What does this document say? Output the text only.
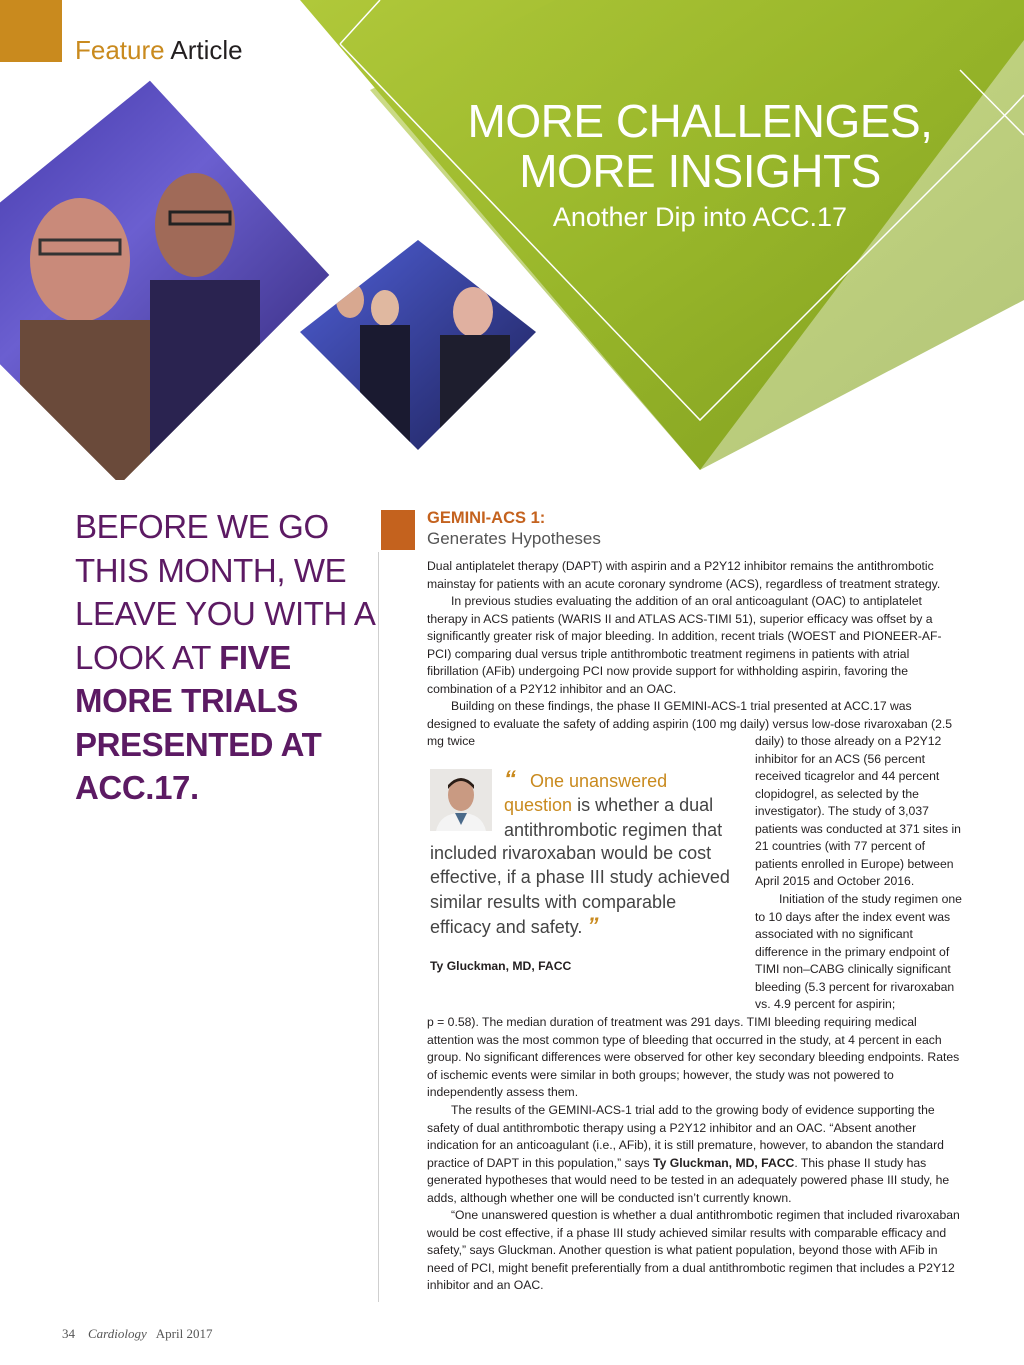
Feature Article
MORE CHALLENGES,
MORE INSIGHTS
Another Dip into ACC.17
BEFORE WE GO THIS MONTH, WE LEAVE YOU WITH A LOOK AT FIVE MORE TRIALS PRESENTED AT ACC.17.
GEMINI-ACS 1:
Generates Hypotheses
Dual antiplatelet therapy (DAPT) with aspirin and a P2Y12 inhibitor remains the antithrombotic mainstay for patients with an acute coronary syndrome (ACS), regardless of treatment strategy.
In previous studies evaluating the addition of an oral anticoagulant (OAC) to antiplatelet therapy in ACS patients (WARIS II and ATLAS ACS-TIMI 51), superior efficacy was offset by a significantly greater risk of major bleeding. In addition, recent trials (WOEST and PIONEER-AF-PCI) comparing dual versus triple antithrombotic treatment regimens in patients with atrial fibrillation (AFib) undergoing PCI now provide support for withholding aspirin, favoring the combination of a P2Y12 inhibitor and an OAC.
Building on these findings, the phase II GEMINI-ACS-1 trial presented at ACC.17 was designed to evaluate the safety of adding aspirin (100 mg daily) versus low-dose rivaroxaban (2.5 mg twice	daily) to those already on a P2Y12 inhibitor for an ACS (56 percent received ticagrelor and 44 percent clopidogrel, as selected by the investigator). The study of 3,037 patients was conducted at 371 sites in 21 countries (with 77 percent of patients enrolled in Europe) between April 2015 and October 2016.
Initiation of the study regimen one to 10 days after the index event was associated with no significant difference in the primary endpoint of TIMI non–CABG clinically significant bleeding (5.3 percent for rivaroxaban vs. 4.9 percent for aspirin;
p = 0.58). The median duration of treatment was 291 days. TIMI bleeding requiring medical attention was the most common type of bleeding that occurred in the study, at 4 percent in each group. No significant differences were observed for other key secondary bleeding endpoints. Rates of ischemic events were similar in both groups; however, the study was not powered to independently assess them.
The results of the GEMINI-ACS-1 trial add to the growing body of evidence supporting the safety of dual antithrombotic therapy using a P2Y12 inhibitor and an OAC. “Absent another indication for an anticoagulant (i.e., AFib), it is still premature, however, to abandon the standard practice of DAPT in this population,” says Ty Gluckman, MD, FACC. This phase II study has generated hypotheses that would need to be tested in an adequately powered phase III study, he adds, although whether one will be conducted isn’t currently known.
“One unanswered question is whether a dual antithrombotic regimen that included rivaroxaban would be cost effective, if a phase III study achieved similar results with comparable efficacy and safety,” says Gluckman. Another question is what patient population, beyond those with AFib in need of PCI, might benefit preferentially from a dual antithrombotic regimen that includes a P2Y12 inhibitor and an OAC.
“ One unanswered question is whether a dual antithrombotic regimen that
included rivaroxaban would be cost effective, if a phase III study achieved similar results with comparable efficacy and safety. ”
Ty Gluckman, MD, FACC
34 Cardiology April 2017
